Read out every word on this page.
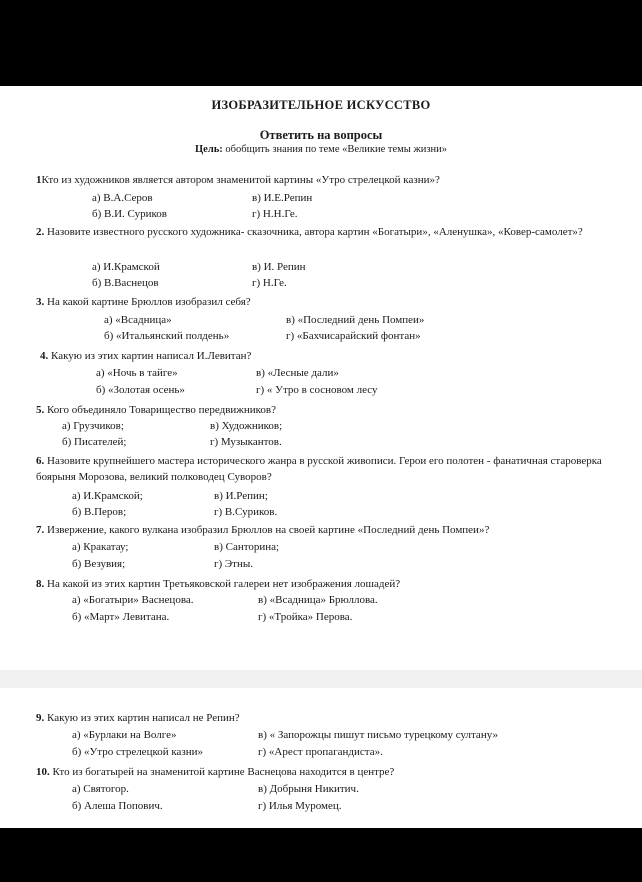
ИЗОБРАЗИТЕЛЬНОЕ ИСКУССТВО
Ответить на вопросы
Цель: обобщить знания по теме «Великие темы жизни»
1Кто из художников является автором знаменитой картины «Утро стрелецкой казни»?
а) В.А.Серов	в) И.Е.Репин
б) В.И. Суриков	г) Н.Н.Ге.
2. Назовите известного русского художника- сказочника, автора картин «Богатыри», «Аленушка», «Ковер-самолет»?
а) И.Крамской	в) И. Репин
б) В.Васнецов	г) Н.Ге.
3. На какой картине Брюллов изобразил себя?
а) «Всадница»	в) «Последний день Помпеи»
б) «Итальянский полдень»	г) «Бахчисарайский фонтан»
4. Какую из этих картин написал И.Левитан?
а) «Ночь в тайге»	в) «Лесные дали»
б) «Золотая осень»	г) « Утро в сосновом лесу
5. Кого объединяло Товарищество передвижников?
а) Грузчиков;	в) Художников;
б) Писателей;	г) Музыкантов.
6. Назовите крупнейшего мастера исторического жанра в русской живописи. Герои его полотен - фанатичная староверка боярыня Морозова, великий полководец Суворов?
а) И.Крамской;	в) И.Репин;
б) В.Перов;	г) В.Суриков.
7. Извержение, какого вулкана изобразил Брюллов на своей картине «Последний день Помпеи»?
а) Кракатау;	в) Санторина;
б) Везувия;	г) Этны.
8. На какой из этих картин Третьяковской галереи нет изображения лошадей?
а) «Богатыри» Васнецова.	в) «Всадница» Брюллова.
б) «Март» Левитана.	г) «Тройка» Перова.
9. Какую из этих картин написал не Репин?
а) «Бурлаки на Волге»	в) « Запорожцы пишут письмо турецкому султану»
б) «Утро стрелецкой казни»	г) «Арест пропагандиста».
10. Кто из богатырей на знаменитой картине Васнецова находится в центре?
а) Святогор.	в) Добрыня Никитич.
б) Алеша Попович.	г) Илья Муромец.
